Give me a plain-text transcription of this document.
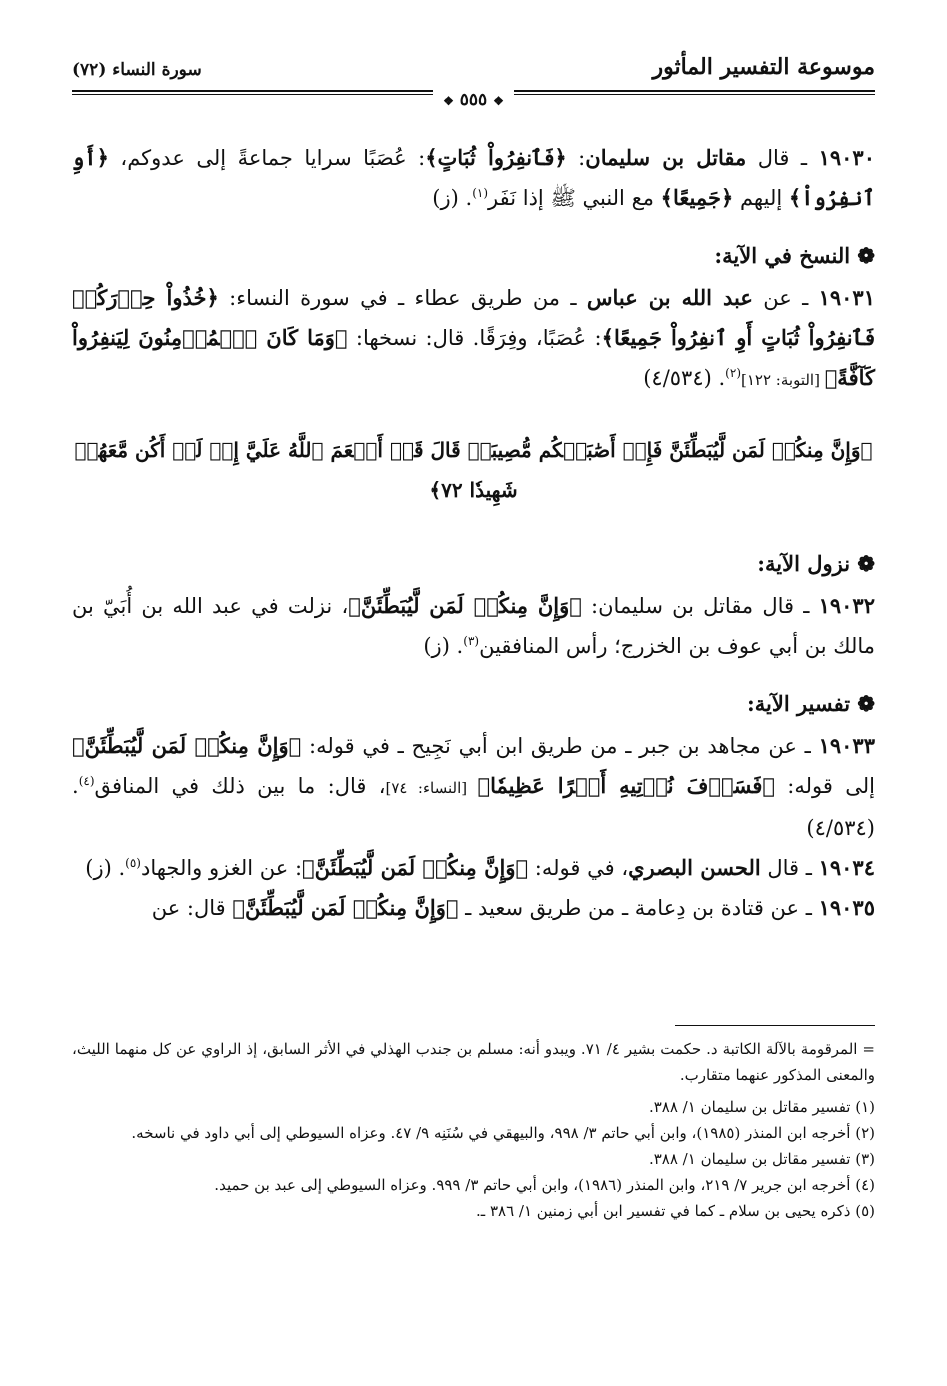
موسوعة التفسير المأثور
سورة النساء (٧٢)
❖ ٥٥٥ ❖

١٩٠٣٠ ـ قال مقاتل بن سليمان: ﴿فَٱنفِرُواْ ثُبَاتٍ﴾: عُصَبًا سرايا جماعةً إلى عدوكم، ﴿أَوِ ٱنفِرُواْ﴾ إليهم ﴿جَمِيعًا﴾ مع النبي ﷺ إذا نَفَر$^{(١)}$. (ز)

❁ النسخ في الآية:

١٩٠٣١ ـ عن عبد الله بن عباس ـ من طريق عطاء ـ في سورة النساء: ﴿خُذُواْ حِذۡرَكُمۡ فَٱنفِرُواْ ثُبَاتٍ أَوِ ٱنفِرُواْ جَمِيعًا﴾: عُصَبًا، وفِرَقًا. قال: نسخها: ﴿وَمَا كَانَ ٱلۡمُؤۡمِنُونَ لِيَنفِرُواْ كَآفَّةً﴾ [التوبة: ١٢٢]$^{(٢)}$. (٤/٥٣٤)

﴿وَإِنَّ مِنكُمۡ لَمَن لَّيُبَطِّئَنَّ فَإِنۡ أَصَٰبَتۡكُم مُّصِيبَةٞ قَالَ قَدۡ أَنۡعَمَ ٱللَّهُ عَلَيَّ إِذۡ لَمۡ أَكُن مَّعَهُمۡ شَهِيدٗا ٧٢﴾
❁ نزول الآية:

١٩٠٣٢ ـ قال مقاتل بن سليمان: ﴿وَإِنَّ مِنكُمۡ لَمَن لَّيُبَطِّئَنَّ﴾، نزلت في عبد الله بن أُبَيّ بن مالك بن أبي عوف بن الخزرج؛ رأس المنافقين$^{(٣)}$. (ز)

❁ تفسير الآية:

١٩٠٣٣ ـ عن مجاهد بن جبر ـ من طريق ابن أبي نَجِيح ـ في قوله: ﴿وَإِنَّ مِنكُمۡ لَمَن لَّيُبَطِّئَنَّ﴾ إلى قوله: ﴿فَسَوۡفَ نُؤۡتِيهِ أَجۡرًا عَظِيمٗا﴾ [النساء: ٧٤]، قال: ما بين ذلك في المنافق$^{(٤)}$. (٤/٥٣٤)

١٩٠٣٤ ـ قال الحسن البصري، في قوله: ﴿وَإِنَّ مِنكُمۡ لَمَن لَّيُبَطِّئَنَّ﴾: عن الغزو والجهاد$^{(٥)}$. (ز)

١٩٠٣٥ ـ عن قتادة بن دِعامة ـ من طريق سعيد ـ ﴿وَإِنَّ مِنكُمۡ لَمَن لَّيُبَطِّئَنَّ﴾ قال: عن

= المرقومة بالآلة الكاتبة د. حكمت بشير ٤/ ٧١. ويبدو أنه: مسلم بن جندب الهذلي في الأثر السابق، إذ الراوي عن كل منهما الليث، والمعنى المذكور عنهما متقارب.

(١) تفسير مقاتل بن سليمان ١/ ٣٨٨.

(٢) أخرجه ابن المنذر (١٩٨٥)، وابن أبي حاتم ٣/ ٩٩٨، والبيهقي في سُنَنِه ٩/ ٤٧. وعزاه السيوطي إلى أبي داود في ناسخه.

(٣) تفسير مقاتل بن سليمان ١/ ٣٨٨.

(٤) أخرجه ابن جرير ٧/ ٢١٩، وابن المنذر (١٩٨٦)، وابن أبي حاتم ٣/ ٩٩٩. وعزاه السيوطي إلى عبد بن حميد.

(٥) ذكره يحيى بن سلام ـ كما في تفسير ابن أبي زمنين ١/ ٣٨٦ ـ.
